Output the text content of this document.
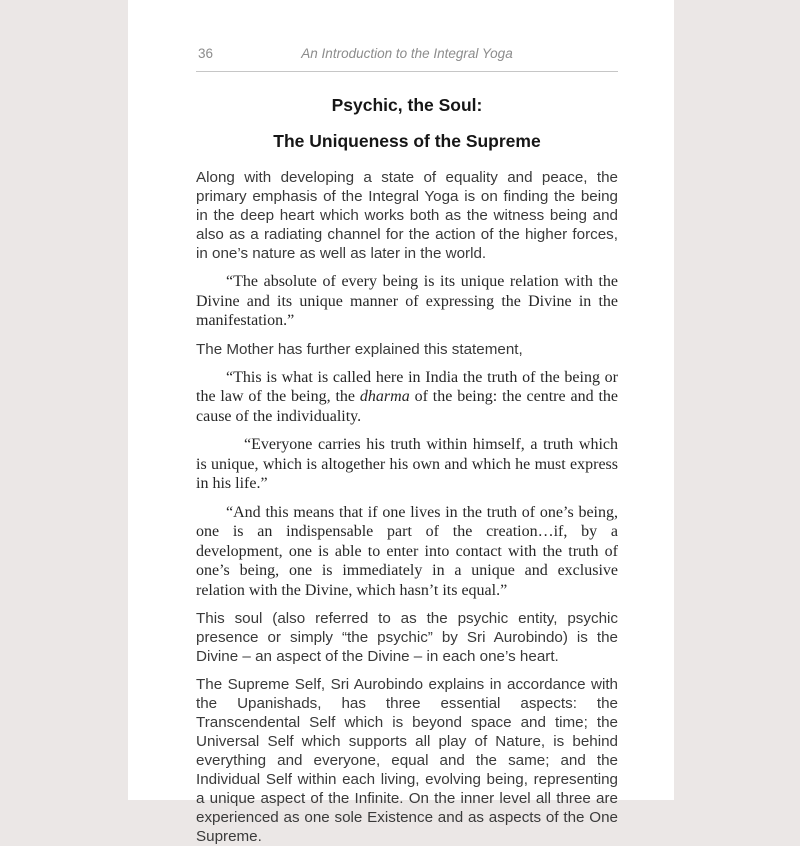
36	An Introduction to the Integral Yoga
Psychic, the Soul:
The Uniqueness of the Supreme

Along with developing a state of equality and peace, the primary emphasis of the Integral Yoga is on finding the being in the deep heart which works both as the witness being and also as a radiating channel for the action of the higher forces, in one’s nature as well as later in the world.

“The absolute of every being is its unique relation with the Divine and its unique manner of expressing the Divine in the manifestation.”

The Mother has further explained this statement,

“This is what is called here in India the truth of the being or the law of the being, the dharma of the being: the centre and the cause of the individuality.

“Everyone carries his truth within himself, a truth which is unique, which is altogether his own and which he must express in his life.”

“And this means that if one lives in the truth of one’s being, one is an indispensable part of the creation…if, by a development, one is able to enter into contact with the truth of one’s being, one is immediately in a unique and exclusive relation with the Divine, which hasn’t its equal.”

This soul (also referred to as the psychic entity, psychic presence or simply “the psychic” by Sri Aurobindo) is the Divine – an aspect of the Divine – in each one’s heart.

The Supreme Self, Sri Aurobindo explains in accordance with the Upanishads, has three essential aspects: the Transcendental Self which is beyond space and time; the Universal Self which supports all play of Nature, is behind everything and everyone, equal and the same; and the Individual Self within each living, evolving being, representing a unique aspect of the Infinite. On the inner level all three are experienced as one sole Existence and as aspects of the One Supreme.
